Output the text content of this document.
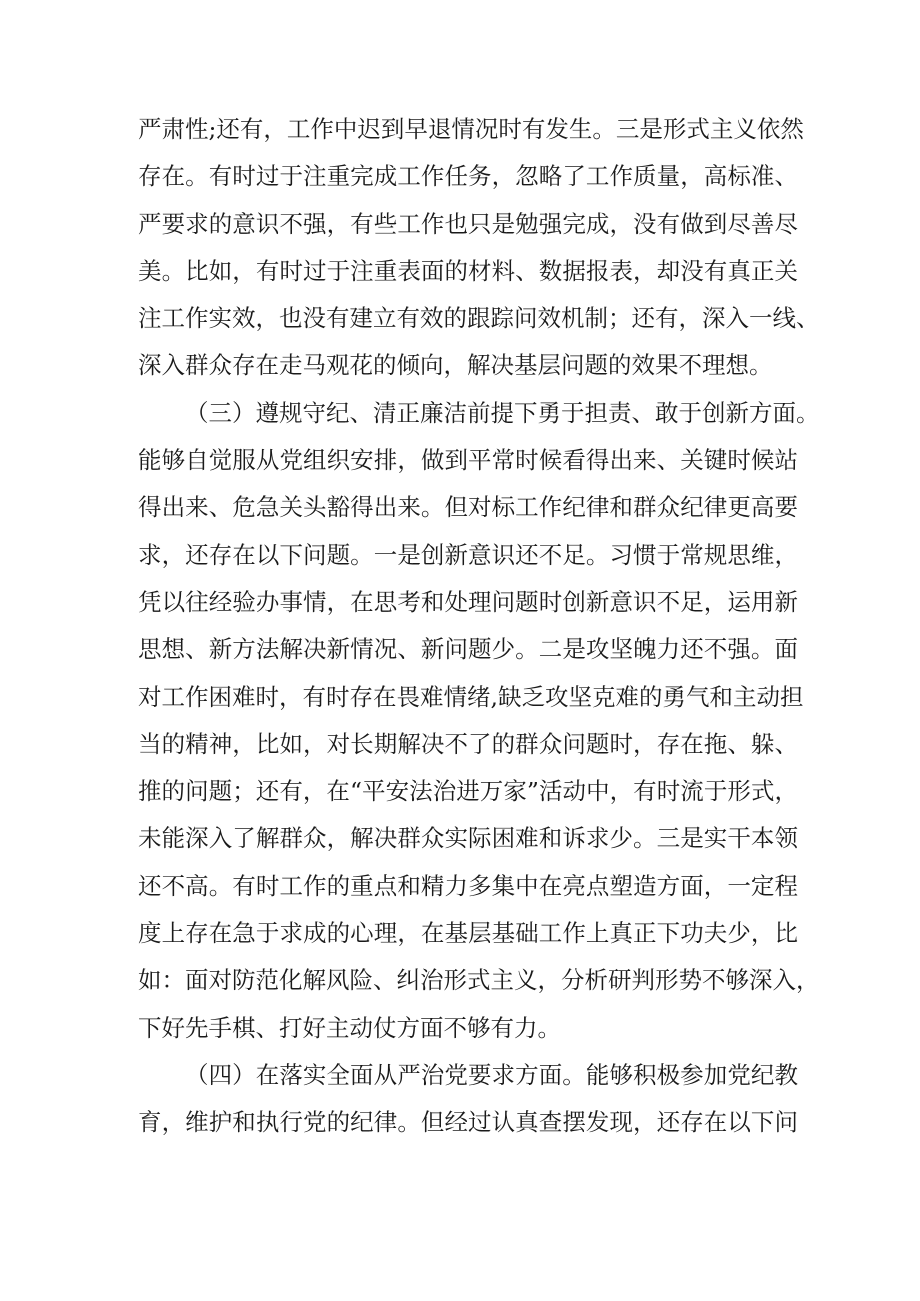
严肃性;还有，工作中迟到早退情况时有发生。三是形式主义依然
存在。有时过于注重完成工作任务，忽略了工作质量，高标准、
严要求的意识不强，有些工作也只是勉强完成，没有做到尽善尽
美。比如，有时过于注重表面的材料、数据报表，却没有真正关
注工作实效，也没有建立有效的跟踪问效机制；还有，深入一线、
深入群众存在走马观花的倾向，解决基层问题的效果不理想。
（三）遵规守纪、清正廉洁前提下勇于担责、敢于创新方面。
能够自觉服从党组织安排，做到平常时候看得出来、关键时候站
得出来、危急关头豁得出来。但对标工作纪律和群众纪律更高要
求，还存在以下问题。一是创新意识还不足。习惯于常规思维，
凭以往经验办事情，在思考和处理问题时创新意识不足，运用新
思想、新方法解决新情况、新问题少。二是攻坚魄力还不强。面
对工作困难时，有时存在畏难情绪,缺乏攻坚克难的勇气和主动担
当的精神，比如，对长期解决不了的群众问题时，存在拖、躲、
推的问题；还有，在“平安法治进万家”活动中，有时流于形式，
未能深入了解群众，解决群众实际困难和诉求少。三是实干本领
还不高。有时工作的重点和精力多集中在亮点塑造方面，一定程
度上存在急于求成的心理，在基层基础工作上真正下功夫少，比
如：面对防范化解风险、纠治形式主义，分析研判形势不够深入，
下好先手棋、打好主动仗方面不够有力。
（四）在落实全面从严治党要求方面。能够积极参加党纪教
育，维护和执行党的纪律。但经过认真查摆发现，还存在以下问
